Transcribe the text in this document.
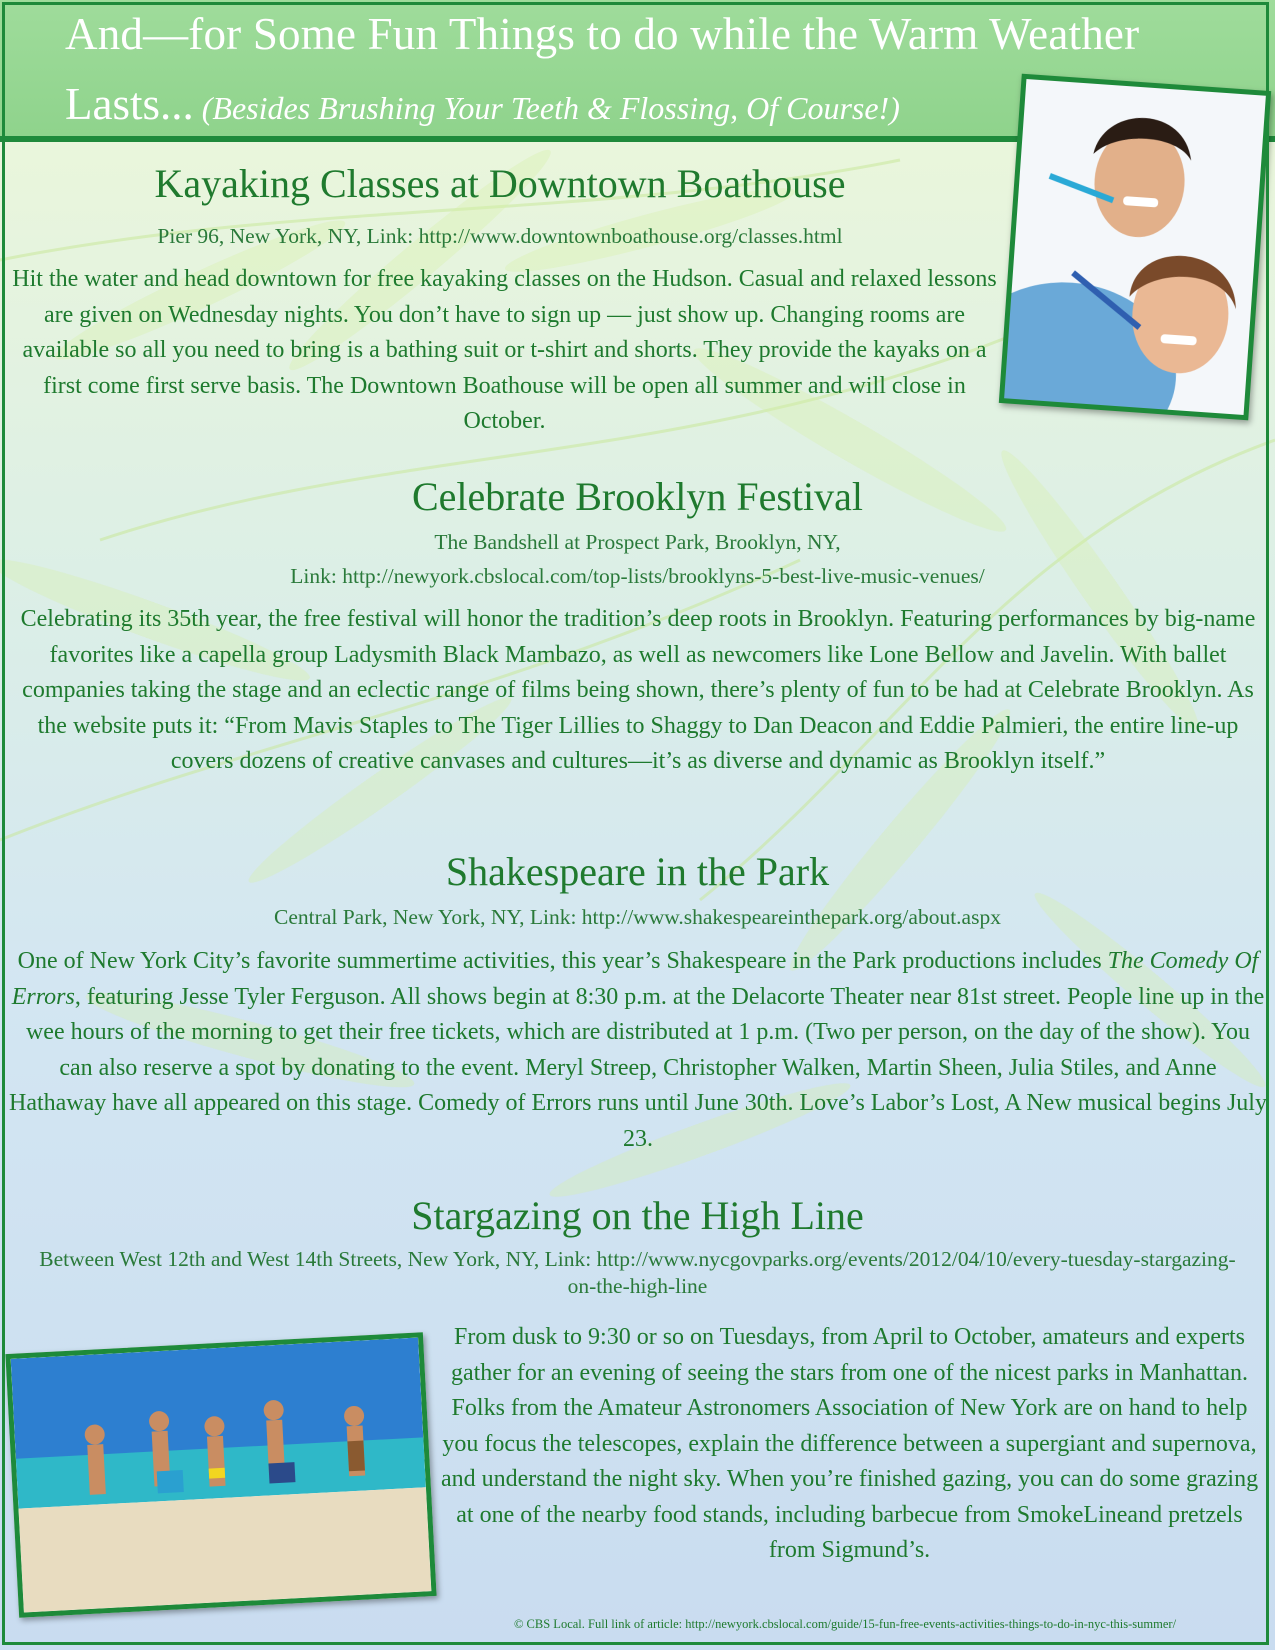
And—for Some Fun Things to do while the Warm Weather
Lasts... (Besides Brushing Your Teeth & Flossing, Of Course!)
Kayaking Classes at Downtown Boathouse
Pier 96, New York, NY, Link: http://www.downtownboathouse.org/classes.html
Hit the water and head downtown for free kayaking classes on the Hudson. Casual and relaxed lessons are given on Wednesday nights. You don’t have to sign up — just show up. Changing rooms are available so all you need to bring is a bathing suit or t-shirt and shorts. They provide the kayaks on a first come first serve basis. The Downtown Boathouse will be open all summer and will close in October.
Celebrate Brooklyn Festival
The Bandshell at Prospect Park, Brooklyn, NY,
Link: http://newyork.cbslocal.com/top-lists/brooklyns-5-best-live-music-venues/
Celebrating its 35th year, the free festival will honor the tradition’s deep roots in Brooklyn. Featuring performances by big-name favorites like a capella group Ladysmith Black Mambazo, as well as newcomers like Lone Bellow and Javelin. With ballet companies taking the stage and an eclectic range of films being shown, there’s plenty of fun to be had at Celebrate Brooklyn. As the website puts it: “From Mavis Staples to The Tiger Lillies to Shaggy to Dan Deacon and Eddie Palmieri, the entire line-up covers dozens of creative canvases and cultures—it’s as diverse and dynamic as Brooklyn itself.”
Shakespeare in the Park
Central Park, New York, NY, Link: http://www.shakespeareinthepark.org/about.aspx
One of New York City’s favorite summertime activities, this year’s Shakespeare in the Park productions includes The Comedy Of Errors, featuring Jesse Tyler Ferguson. All shows begin at 8:30 p.m. at the Delacorte Theater near 81st street. People line up in the wee hours of the morning to get their free tickets, which are distributed at 1 p.m. (Two per person, on the day of the show). You can also reserve a spot by donating to the event. Meryl Streep, Christopher Walken, Martin Sheen, Julia Stiles, and Anne Hathaway have all appeared on this stage. Comedy of Errors runs until June 30th. Love’s Labor’s Lost, A New musical begins July 23.
Stargazing on the High Line
Between West 12th and West 14th Streets, New York, NY, Link: http://www.nycgovparks.org/events/2012/04/10/every-tuesday-stargazing-on-the-high-line
From dusk to 9:30 or so on Tuesdays, from April to October, amateurs and experts gather for an evening of seeing the stars from one of the nicest parks in Manhattan. Folks from the Amateur Astronomers Association of New York are on hand to help you focus the telescopes, explain the difference between a supergiant and supernova, and understand the night sky. When you’re finished gazing, you can do some grazing at one of the nearby food stands, including barbecue from SmokeLineand pretzels from Sigmund’s.
© CBS Local. Full link of article: http://newyork.cbslocal.com/guide/15-fun-free-events-activities-things-to-do-in-nyc-this-summer/
